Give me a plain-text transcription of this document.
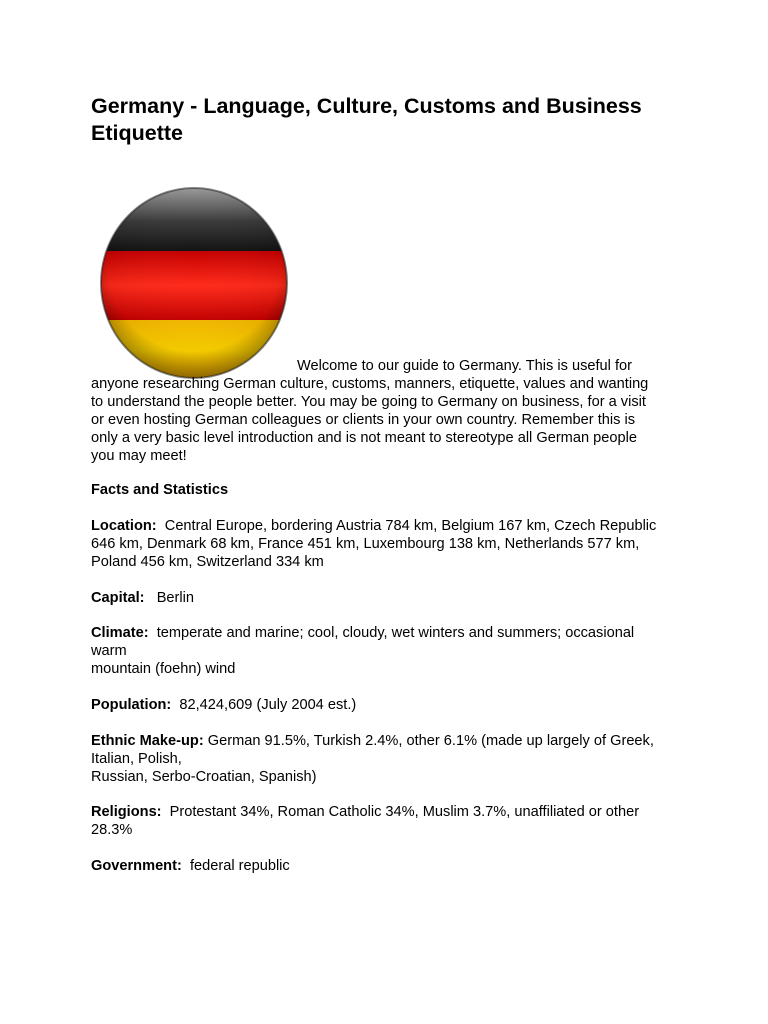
Germany - Language, Culture, Customs and Business
Etiquette

Welcome to our guide to Germany. This is useful for
anyone researching German culture, customs, manners, etiquette, values and wanting
to understand the people better. You may be going to Germany on business, for a visit
or even hosting German colleagues or clients in your own country. Remember this is
only a very basic level introduction and is not meant to stereotype all German people
you may meet!

Facts and Statistics

Location: Central Europe, bordering Austria 784 km, Belgium 167 km, Czech Republic
646 km, Denmark 68 km, France 451 km, Luxembourg 138 km, Netherlands 577 km,
Poland 456 km, Switzerland 334 km

Capital: Berlin

Climate: temperate and marine; cool, cloudy, wet winters and summers; occasional
warm
mountain (foehn) wind

Population: 82,424,609 (July 2004 est.)

Ethnic Make-up: German 91.5%, Turkish 2.4%, other 6.1% (made up largely of Greek,
Italian, Polish,
Russian, Serbo-Croatian, Spanish)

Religions: Protestant 34%, Roman Catholic 34%, Muslim 3.7%, unaffiliated or other
28.3%

Government: federal republic
